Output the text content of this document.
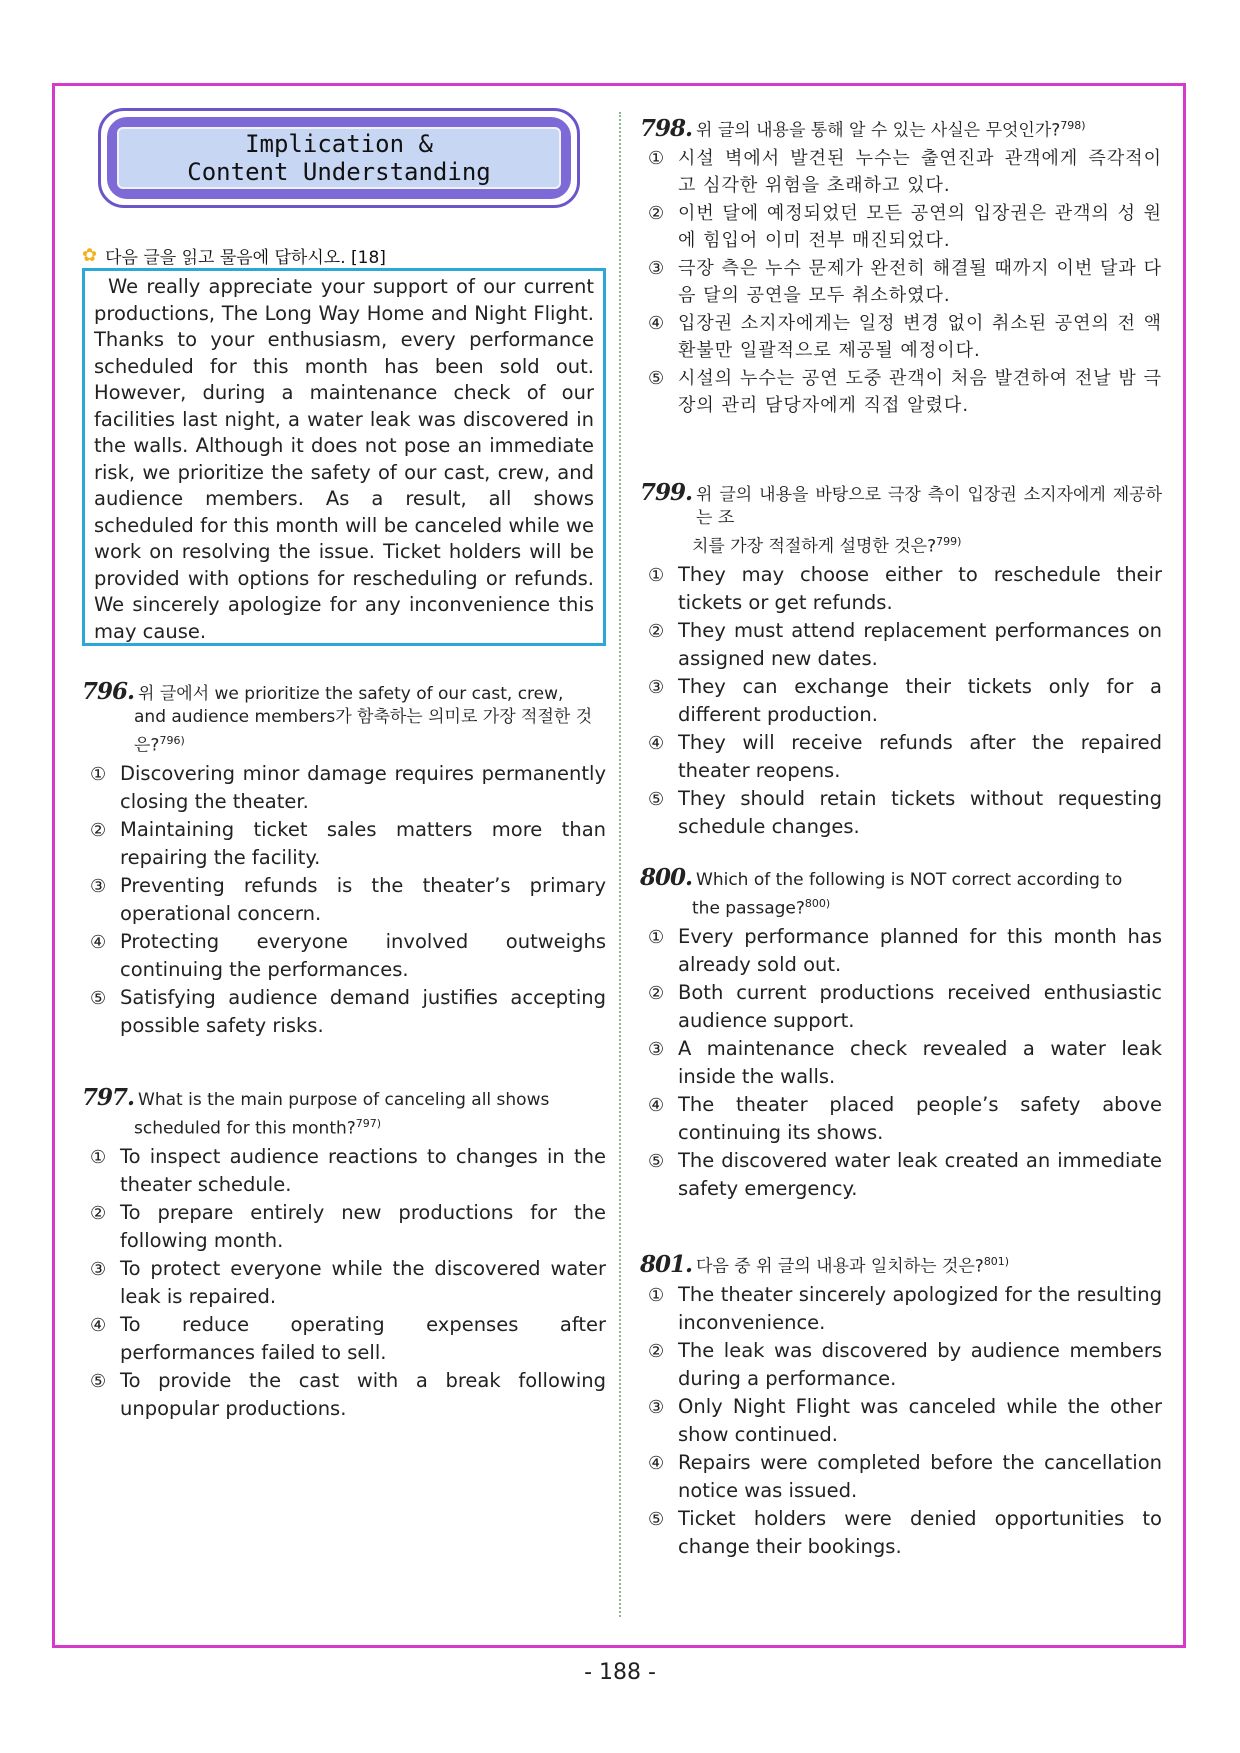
Implication &
Content Understanding
✿ 다음 글을 읽고 물음에 답하시오. [18]

We really appreciate your support of our current productions, The Long Way Home and Night Flight. Thanks to your enthusiasm, every performance scheduled for this month has been sold out. However, during a maintenance check of our facilities last night, a water leak was discovered in the walls. Although it does not pose an immediate risk, we prioritize the safety of our cast, crew, and audience members. As a result, all shows scheduled for this month will be canceled while we work on resolving the issue. Ticket holders will be provided with options for rescheduling or refunds. We sincerely apologize for any inconvenience this may cause.

796. 위 글에서 we prioritize the safety of our cast, crew,
and audience members가 함축하는 의미로 가장 적절한 것
은?$^{796)}$
① Discovering minor damage requires permanently closing the theater.
② Maintaining ticket sales matters more than repairing the facility.
③ Preventing refunds is the theater’s primary operational concern.
④ Protecting everyone involved outweighs continuing the performances.
⑤ Satisfying audience demand justifies accepting possible safety risks.
797. What is the main purpose of canceling all shows
scheduled for this month?$^{797)}$
① To inspect audience reactions to changes in the theater schedule.
② To prepare entirely new productions for the following month.
③ To protect everyone while the discovered water leak is repaired.
④ To reduce operating expenses after performances failed to sell.
⑤ To provide the cast with a break following unpopular productions.
798. 위 글의 내용을 통해 알 수 있는 사실은 무엇인가?$^{798)}$
① 시설 벽에서 발견된 누수는 출연진과 관객에게 즉각적이 고 심각한 위험을 초래하고 있다.
② 이번 달에 예정되었던 모든 공연의 입장권은 관객의 성 원에 힘입어 이미 전부 매진되었다.
③ 극장 측은 누수 문제가 완전히 해결될 때까지 이번 달과 다음 달의 공연을 모두 취소하였다.
④ 입장권 소지자에게는 일정 변경 없이 취소된 공연의 전 액 환불만 일괄적으로 제공될 예정이다.
⑤ 시설의 누수는 공연 도중 관객이 처음 발견하여 전날 밤 극장의 관리 담당자에게 직접 알렸다.
799. 위 글의 내용을 바탕으로 극장 측이 입장권 소지자에게 제공하는 조
치를 가장 적절하게 설명한 것은?$^{799)}$
① They may choose either to reschedule their tickets or get refunds.
② They must attend replacement performances on assigned new dates.
③ They can exchange their tickets only for a different production.
④ They will receive refunds after the repaired theater reopens.
⑤ They should retain tickets without requesting schedule changes.
800. Which of the following is NOT correct according to
the passage?$^{800)}$
① Every performance planned for this month has already sold out.
② Both current productions received enthusiastic audience support.
③ A maintenance check revealed a water leak inside the walls.
④ The theater placed people’s safety above continuing its shows.
⑤ The discovered water leak created an immediate safety emergency.
801. 다음 중 위 글의 내용과 일치하는 것은?$^{801)}$
① The theater sincerely apologized for the resulting inconvenience.
② The leak was discovered by audience members during a performance.
③ Only Night Flight was canceled while the other show continued.
④ Repairs were completed before the cancellation notice was issued.
⑤ Ticket holders were denied opportunities to change their bookings.
- 188 -
